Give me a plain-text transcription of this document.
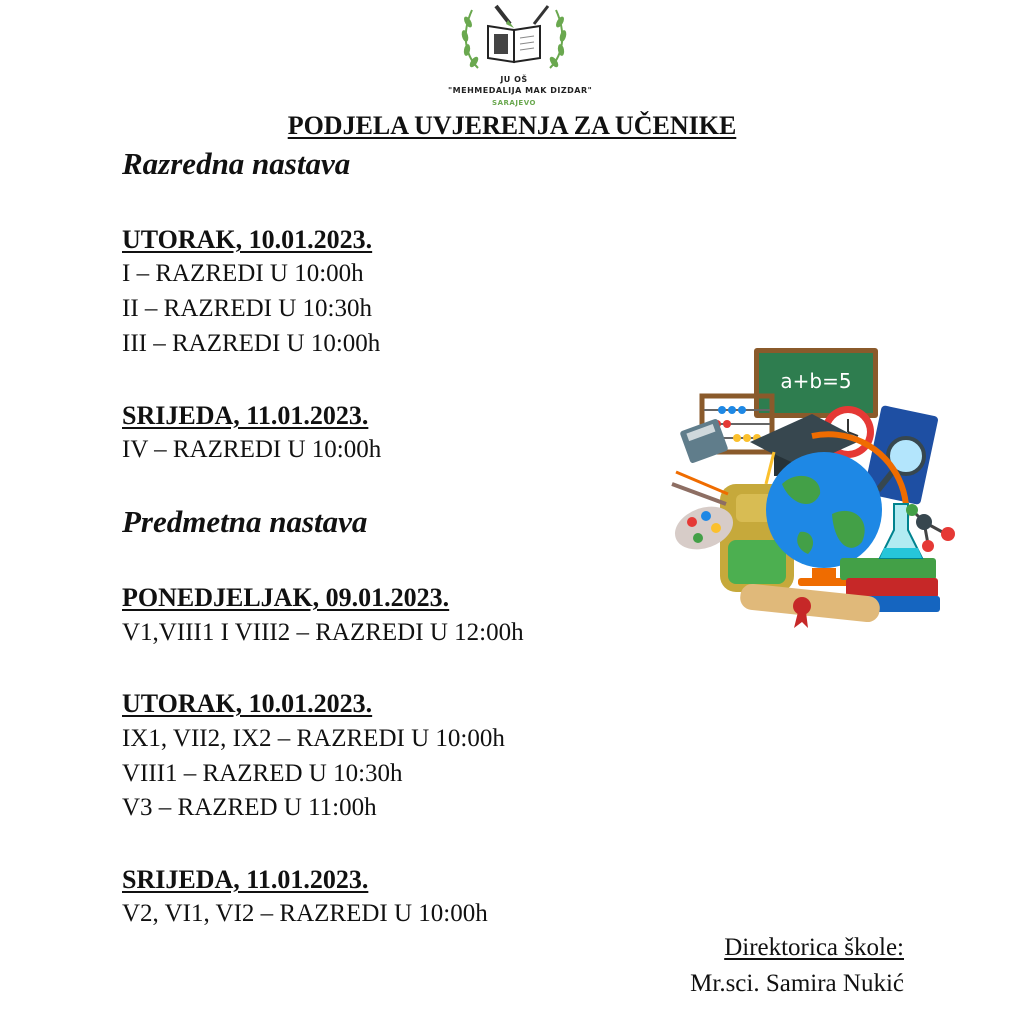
JU OŠ
"MEHMEDALIJA MAK DIZDAR"
SARAJEVO
PODJELA UVJERENJA ZA UČENIKE
Razredna nastava
UTORAK, 10.01.2023.
I – RAZREDI U 10:00h
II – RAZREDI U 10:30h
III – RAZREDI U 10:00h
SRIJEDA, 11.01.2023.
IV – RAZREDI U 10:00h
Predmetna nastava
PONEDJELJAK, 09.01.2023.
V1,VIII1 I VIII2 – RAZREDI U 12:00h
UTORAK, 10.01.2023.
IX1, VII2, IX2 – RAZREDI U 10:00h
VIII1 – RAZRED U 10:30h
V3 – RAZRED U 11:00h
SRIJEDA, 11.01.2023.
V2, VI1, VI2 – RAZREDI U 10:00h
Direktorica škole:
Mr.sci. Samira Nukić
a+b=5
